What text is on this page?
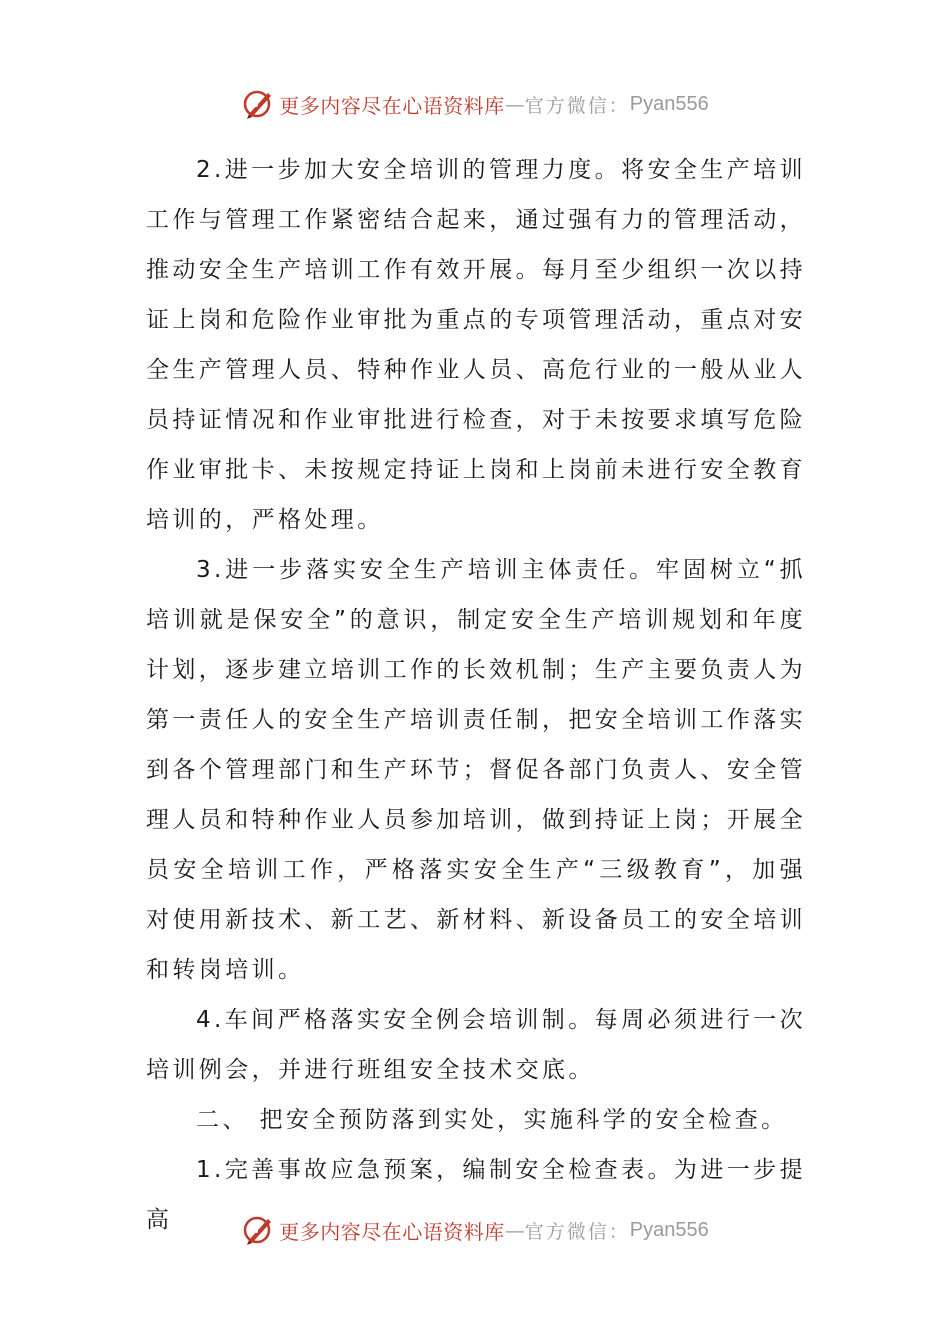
更多内容尽在心语资料库 — 官方微信： Pyan556

2.进一步加大安全培训的管理力度。将安全生产培训工作与管理工作紧密结合起来，通过强有力的管理活动，推动安全生产培训工作有效开展。每月至少组织一次以持证上岗和危险作业审批为重点的专项管理活动，重点对安全生产管理人员、特种作业人员、高危行业的一般从业人员持证情况和作业审批进行检查，对于未按要求填写危险作业审批卡、未按规定持证上岗和上岗前未进行安全教育培训的，严格处理。

3.进一步落实安全生产培训主体责任。牢固树立“抓培训就是保安全”的意识，制定安全生产培训规划和年度计划，逐步建立培训工作的长效机制；生产主要负责人为第一责任人的安全生产培训责任制，把安全培训工作落实到各个管理部门和生产环节；督促各部门负责人、安全管理人员和特种作业人员参加培训，做到持证上岗；开展全员安全培训工作，严格落实安全生产“三级教育”，加强对使用新技术、新工艺、新材料、新设备员工的安全培训和转岗培训。

4.车间严格落实安全例会培训制。每周必须进行一次培训例会，并进行班组安全技术交底。

二、 把安全预防落到实处，实施科学的安全检查。

1.完善事故应急预案，编制安全检查表。为进一步提高	更多内容尽在心语资料库 — 官方微信： Pyan556
